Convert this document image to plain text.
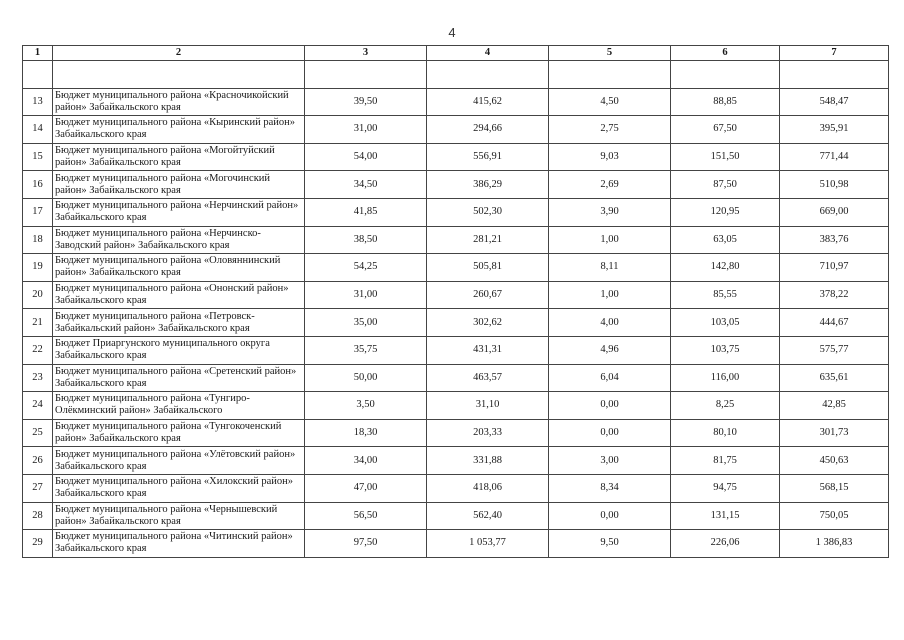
4
1	2	3	4	5	6	7

13	Бюджет муниципального района «Красночикойский район» Забайкальского края	39,50	415,62	4,50	88,85	548,47
14	Бюджет муниципального района «Кыринский район» Забайкальского края	31,00	294,66	2,75	67,50	395,91
15	Бюджет муниципального района «Могойтуйский район» Забайкальского края	54,00	556,91	9,03	151,50	771,44
16	Бюджет муниципального района «Могочинский район» Забайкальского края	34,50	386,29	2,69	87,50	510,98
17	Бюджет муниципального района «Нерчинский район» Забайкальского края	41,85	502,30	3,90	120,95	669,00
18	Бюджет муниципального района «Нерчинско-Заводский район» Забайкальского края	38,50	281,21	1,00	63,05	383,76
19	Бюджет муниципального района «Оловяннинский район» Забайкальского края	54,25	505,81	8,11	142,80	710,97
20	Бюджет муниципального района «Ононский район» Забайкальского края	31,00	260,67	1,00	85,55	378,22
21	Бюджет муниципального района «Петровск-Забайкальский район» Забайкальского края	35,00	302,62	4,00	103,05	444,67
22	Бюджет Приаргунского муниципального округа Забайкальского края	35,75	431,31	4,96	103,75	575,77
23	Бюджет муниципального района «Сретенский район» Забайкальского края	50,00	463,57	6,04	116,00	635,61
24	Бюджет муниципального района «Тунгиро-Олёкминский район» Забайкальского	3,50	31,10	0,00	8,25	42,85
25	Бюджет муниципального района «Тунгокоченский район» Забайкальского края	18,30	203,33	0,00	80,10	301,73
26	Бюджет муниципального района «Улётовский район» Забайкальского края	34,00	331,88	3,00	81,75	450,63
27	Бюджет муниципального района «Хилокский район» Забайкальского края	47,00	418,06	8,34	94,75	568,15
28	Бюджет муниципального района «Чернышевский район» Забайкальского края	56,50	562,40	0,00	131,15	750,05
29	Бюджет муниципального района «Читинский район» Забайкальского края	97,50	1 053,77	9,50	226,06	1 386,83
